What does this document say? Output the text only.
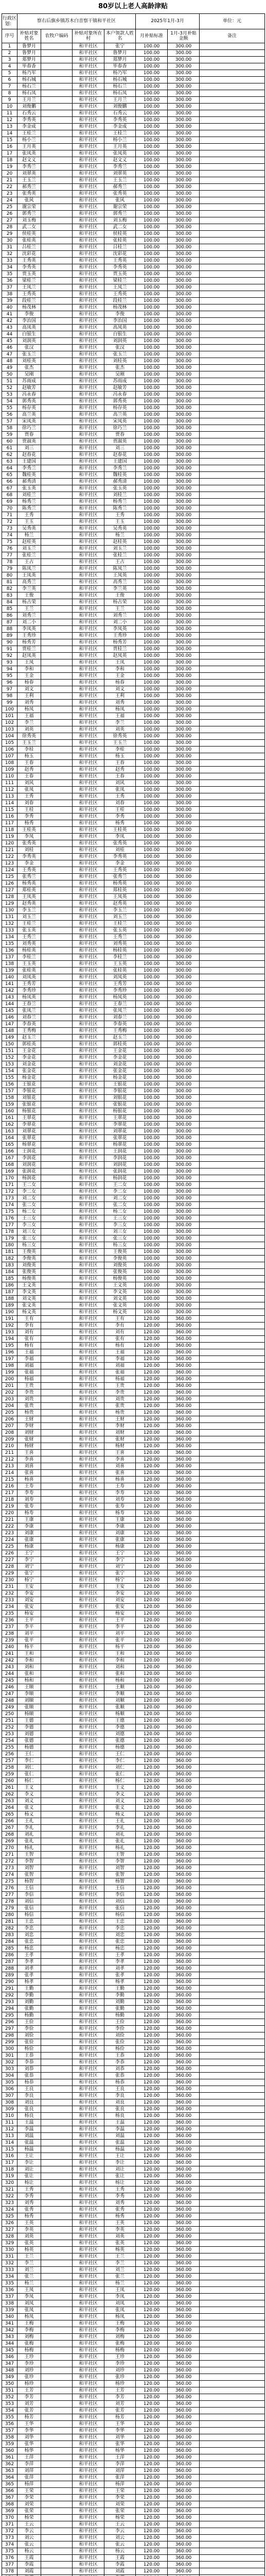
80岁以上老人高龄津贴
行政区划：	察右后旗乡镇苏木白音察干镇和平社区				2025年1月-3月		单位：元
序号	补贴对象姓名	农牧户编码	补贴对象所在村	本户领款人姓名	月补贴标准	1月-3月补贴金额	备注
1	鲁梦月		和平社区	张宁	100.00	300.00	
2	鲁梦月		和平社区	鲁梦月	100.00	300.00	
3	郑梦月		和平社区	郑梦月	100.00	300.00	
4	毕春香		和平社区	毕春香	100.00	300.00	
5	杨乃军		和平社区	杨乃军	100.00	300.00	
6	杨石城		和平社区	杨石城	100.00	300.00	
7	杨石兰		和平社区	杨石兰	100.00	300.00	
8	杨石凤		和平社区	杨石凤	100.00	300.00	
9	王月兰		和平社区	王月兰	100.00	300.00	
10	刘俊鹏		和平社区	刘俊鹏	100.00	300.00	
11	石秀云		和平社区	石秀云	100.00	300.00	
12	李秀英		和平社区	李秀英	100.00	300.00	
13	李金成		和平社区	李金成	100.00	300.00	
14	王桂兰		和平社区	王桂兰	100.00	300.00	
15	杨小兰		和平社区	杨小兰	100.00	300.00	
16	王月英		和平社区	王月英	100.00	300.00	
17	张凤英		和平社区	张凤英	100.00	300.00	
18	赵文义		和平社区	赵文义	100.00	300.00	
19	李秀兰		和平社区	李秀兰	100.00	300.00	
20	刘翠英		和平社区	刘翠英	100.00	300.00	
21	王玉兰		和平社区	王玉兰	100.00	300.00	
22	郝秀兰		和平社区	郝秀兰	100.00	300.00	
23	张秀英		和平社区	张秀英	100.00	300.00	
24	张风		和平社区	张风	100.00	300.00	
25	谢宗荣		和平社区	谢宗荣	100.00	300.00	
26	郭秀兰		和平社区	郭秀兰	100.00	300.00	
27	刘玉梅		和平社区	刘玉梅	100.00	300.00	
28	武二女		和平社区	武二女	100.00	300.00	
29	侯桂英		和平社区	侯桂英	100.00	300.00	
30	张桂英		和平社区	张桂英	100.00	300.00	
31	吕桂兰		和平社区	吕桂兰	100.00	300.00	
32	沈彩花		和平社区	沈彩花	100.00	300.00	
33	王秀英		和平社区	王秀英	100.00	300.00	
34	李秀英		和平社区	李秀英	100.00	300.00	
35	贾玉英		和平社区	贾玉英	100.00	300.00	
36	梁桂兰		和平社区	梁桂兰	100.00	300.00	
37	王凤兰		和平社区	王凤兰	100.00	300.00	
38	王秀英		和平社区	王秀英	100.00	300.00	
39	段桂兰		和平社区	段桂兰	100.00	300.00	
40	杨茂林		和平社区	杨茂林	100.00	300.00	
41	李俊		和平社区	李俊	100.00	300.00	
42	李治国		和平社区	李治国	100.00	300.00	
43	高凤英		和平社区	高凤英	100.00	300.00	
44	白银生		和平社区	白银生	100.00	300.00	
45	刘润英		和平社区	刘润英	100.00	300.00	
46	张汉		和平社区	张汉	100.00	300.00	
47	张玉兰		和平社区	张玉兰	100.00	300.00	
48	刘桂英		和平社区	刘桂英	100.00	300.00	
49	张杰		和平社区	张杰	100.00	300.00	
50	吴刚		和平社区	吴刚	100.00	300.00	
51	苏雨成		和平社区	苏雨成	100.00	300.00	
52	赵敏芳		和平社区	赵敏芳	100.00	300.00	
53	冯永春		和平社区	冯永春	100.00	300.00	
54	郭秀英		和平社区	郭秀英	100.00	300.00	
55	杨存英		和平社区	杨存英	100.00	300.00	
56	高兰英		和平社区	高兰英	100.00	300.00	
57	宋凤英		和平社区	宋凤英	100.00	300.00	
58	徐巧兰		和平社区	徐巧兰	100.00	300.00	
59	贾春		和平社区	贾春	100.00	300.00	
60	贾淑英		和平社区	贾淑英	100.00	300.00	
61	刘三		和平社区	刘三	100.00	300.00	
62	赵春花		和平社区	赵春花	100.00	300.00	
63	王建国		和平社区	王建国	100.00	300.00	
64	李秀兰		和平社区	李秀兰	100.00	300.00	
65	魏桂英		和平社区	魏桂英	100.00	300.00	
66	郝秀清		和平社区	郝秀清	100.00	300.00	
67	张玉英		和平社区	张玉英	100.00	300.00	
68	刘桂兰		和平社区	刘桂兰	100.00	300.00	
69	杨秀兰		和平社区	杨秀兰	100.00	300.00	
70	陈秀兰		和平社区	陈秀兰	100.00	300.00	
71	王秀		和平社区	王秀	100.00	300.00	
72	王玉		和平社区	王玉	100.00	300.00	
73	吴秀英		和平社区	吴秀英	100.00	300.00	
74	杨兰		和平社区	杨兰	100.00	300.00	
75	赵桂英		和平社区	赵桂英	100.00	300.00	
76	刘玉兰		和平社区	刘玉兰	100.00	300.00	
77	张桂兰		和平社区	张桂兰	100.00	300.00	
78	王占		和平社区	王占	100.00	300.00	
79	陈凤兰		和平社区	陈凤兰	100.00	300.00	
80	王凤英		和平社区	王凤英	100.00	300.00	
81	高秀兰		和平社区	高秀兰	100.00	300.00	
82	李兰英		和平社区	李兰英	100.00	300.00	
83	王俊		和平社区	王俊	100.00	300.00	
84	杨占荣		和平社区	杨占荣	100.00	300.00	
85	王兰		和平社区	王兰	100.00	300.00	
86	刘秀兰		和平社区	刘秀兰	100.00	300.00	
87	刘二小		和平社区	刘二小	100.00	300.00	
88	李凤英		和平社区	李凤英	100.00	300.00	
89	王秀珍		和平社区	王秀珍	100.00	300.00	
90	杨秀芳		和平社区	杨秀芳	100.00	300.00	
91	贾桂兰		和平社区	贾桂兰	100.00	300.00	
92	赵凤英		和平社区	赵凤英	100.00	300.00	
93	王凤		和平社区	王凤	100.00	300.00	
94	李和		和平社区	李和	100.00	300.00	
95	王金		和平社区	王金	100.00	300.00	
96	杨春		和平社区	杨春	100.00	300.00	
97	刘文		和平社区	刘文	100.00	300.00	
98	王利		和平社区	王利	100.00	300.00	
99	刘秀		和平社区	刘秀	100.00	300.00	
100	杨凤		和平社区	杨凤	100.00	300.00	
101	王福		和平社区	王福	100.00	300.00	
102	李兰		和平社区	李兰	100.00	300.00	
103	刘英		和平社区	刘英	100.00	300.00	
104	徐秀英		和平社区	徐秀英	100.00	300.00	
105	王玉兰		和平社区	王玉兰	100.00	300.00	
106	李桂		和平社区	李桂	100.00	300.00	
107	杨玉		和平社区	杨玉	100.00	300.00	
108	王春		和平社区	王春	100.00	300.00	
109	赵秀		和平社区	赵秀	100.00	300.00	
110	王春		和平社区	王春	100.00	300.00	
111	刘风		和平社区	刘风	100.00	300.00	
112	张凤		和平社区	张凤	100.00	300.00	
113	王秀		和平社区	王秀	100.00	300.00	
114	刘春		和平社区	刘春	100.00	300.00	
115	王桂		和平社区	王桂	100.00	300.00	
116	李秀		和平社区	李秀	100.00	300.00	
117	杨秀		和平社区	杨秀	100.00	300.00	
118	王桂英		和平社区	王桂英	100.00	300.00	
119	李凤		和平社区	李凤	100.00	300.00	
120	张秀英		和平社区	张秀英	100.00	300.00	
121	刘桂		和平社区	刘桂	100.00	300.00	
122	李秀英		和平社区	李秀英	100.00	300.00	
123	李金		和平社区	李金	100.00	300.00	
124	王秀英		和平社区	王秀英	100.00	300.00	
125	张秀兰		和平社区	张秀兰	100.00	300.00	
126	杨秀英		和平社区	杨秀英	100.00	300.00	
127	郑桂英		和平社区	郑桂英	100.00	300.00	
128	王凤英		和平社区	王凤英	100.00	300.00	
129	赵秀英		和平社区	赵秀英	100.00	300.00	
130	李玉兰		和平社区	李玉兰	100.00	300.00	
131	刘玉兰		和平社区	刘玉兰	100.00	300.00	
132	王桂兰		和平社区	王桂兰	100.00	300.00	
133	张玉英		和平社区	张玉英	100.00	300.00	
134	王秀兰		和平社区	王秀兰	100.00	300.00	
135	刘秀英		和平社区	刘秀英	100.00	300.00	
136	杨桂英		和平社区	杨桂英	100.00	300.00	
137	李桂兰		和平社区	李桂兰	100.00	300.00	
138	王玉英		和平社区	王玉英	100.00	300.00	
139	张桂英		和平社区	张桂英	100.00	300.00	
140	刘凤英		和平社区	刘凤英	100.00	300.00	
141	王秀芳		和平社区	王秀芳	100.00	300.00	
142	李秀珍		和平社区	李秀珍	100.00	300.00	
143	杨凤英		和平社区	杨凤英	100.00	300.00	
144	王春兰		和平社区	王春兰	100.00	300.00	
145	张凤兰		和平社区	张凤兰	100.00	300.00	
146	刘春兰		和平社区	刘春兰	100.00	300.00	
147	李春英		和平社区	李春英	100.00	300.00	
148	王秀梅		和平社区	王秀梅	100.00	300.00	
149	赵玉兰		和平社区	赵玉兰	100.00	300.00	
150	郭桂英		和平社区	郭桂英	100.00	300.00	
151	王金花		和平社区	王金花	100.00	300.00	
152	李金花		和平社区	李金花	100.00	300.00	
153	刘金花		和平社区	刘金花	100.00	300.00	
154	张金花		和平社区	张金花	100.00	300.00	
155	杨金花		和平社区	杨金花	100.00	300.00	
156	王银花		和平社区	王银花	100.00	300.00	
157	李银花		和平社区	李银花	100.00	300.00	
158	刘银花		和平社区	刘银花	100.00	300.00	
159	张银花		和平社区	张银花	100.00	300.00	
160	杨银花		和平社区	杨银花	100.00	300.00	
161	王翠花		和平社区	王翠花	100.00	300.00	
162	李翠花		和平社区	李翠花	100.00	300.00	
163	刘翠花		和平社区	刘翠花	100.00	300.00	
164	张翠花		和平社区	张翠花	100.00	300.00	
165	杨翠花		和平社区	杨翠花	100.00	300.00	
166	王润花		和平社区	王润花	100.00	300.00	
167	李润花		和平社区	李润花	100.00	300.00	
168	刘润花		和平社区	刘润花	100.00	300.00	
169	张润花		和平社区	张润花	100.00	300.00	
170	杨润花		和平社区	杨润花	100.00	300.00	
171	王二女		和平社区	王二女	100.00	300.00	
172	李二女		和平社区	李二女	100.00	300.00	
173	刘二女		和平社区	刘二女	100.00	300.00	
174	张二女		和平社区	张二女	100.00	300.00	
175	杨二女		和平社区	杨二女	100.00	300.00	
176	王三女		和平社区	王三女	100.00	300.00	
177	李三女		和平社区	李三女	100.00	300.00	
178	刘三女		和平社区	刘三女	100.00	300.00	
179	张三女		和平社区	张三女	100.00	300.00	
180	杨三女		和平社区	杨三女	100.00	300.00	
181	王俊英		和平社区	王俊英	100.00	300.00	
182	李俊英		和平社区	李俊英	100.00	300.00	
183	刘俊英		和平社区	刘俊英	100.00	300.00	
184	张俊英		和平社区	张俊英	100.00	300.00	
185	杨俊英		和平社区	杨俊英	100.00	300.00	
186	王文英		和平社区	王文英	100.00	300.00	
187	李文英		和平社区	李文英	100.00	300.00	
188	刘文英		和平社区	刘文英	100.00	300.00	
189	张文英		和平社区	张文英	100.00	300.00	
190	杨文英		和平社区	杨文英	100.00	300.00	
191	王有		和平社区	王有	120.00	360.00	
192	李有		和平社区	李有	120.00	360.00	
193	刘有		和平社区	刘有	120.00	360.00	
194	张有		和平社区	张有	120.00	360.00	
195	杨有		和平社区	杨有	120.00	360.00	
196	王福		和平社区	王福	120.00	360.00	
197	李福		和平社区	李福	120.00	360.00	
198	刘福		和平社区	刘福	120.00	360.00	
199	张福		和平社区	张福	120.00	360.00	
200	杨福		和平社区	杨福	120.00	360.00	
201	王贵		和平社区	王贵	120.00	360.00	
202	李贵		和平社区	李贵	120.00	360.00	
203	刘贵		和平社区	刘贵	120.00	360.00	
204	张贵		和平社区	张贵	120.00	360.00	
205	杨贵		和平社区	杨贵	120.00	360.00	
206	王财		和平社区	王财	120.00	360.00	
207	李财		和平社区	李财	120.00	360.00	
208	刘财		和平社区	刘财	120.00	360.00	
209	张财		和平社区	张财	120.00	360.00	
210	杨财		和平社区	杨财	120.00	360.00	
211	王喜		和平社区	王喜	120.00	360.00	
212	李喜		和平社区	李喜	120.00	360.00	
213	刘喜		和平社区	刘喜	120.00	360.00	
214	张喜		和平社区	张喜	120.00	360.00	
215	杨喜		和平社区	杨喜	120.00	360.00	
216	王寿		和平社区	王寿	120.00	360.00	
217	李寿		和平社区	李寿	120.00	360.00	
218	刘寿		和平社区	刘寿	120.00	360.00	
219	张寿		和平社区	张寿	120.00	360.00	
220	杨寿		和平社区	杨寿	120.00	360.00	
221	王康		和平社区	王康	120.00	360.00	
222	李康		和平社区	李康	120.00	360.00	
223	刘康		和平社区	刘康	120.00	360.00	
224	张康		和平社区	张康	120.00	360.00	
225	杨康		和平社区	杨康	120.00	360.00	
226	王宁		和平社区	王宁	120.00	360.00	
227	李宁		和平社区	李宁	120.00	360.00	
228	刘宁		和平社区	刘宁	120.00	360.00	
229	张宁		和平社区	张宁	120.00	360.00	
230	杨宁		和平社区	杨宁	120.00	360.00	
231	王安		和平社区	王安	120.00	360.00	
232	李安		和平社区	李安	120.00	360.00	
233	刘安		和平社区	刘安	120.00	360.00	
234	张安		和平社区	张安	120.00	360.00	
235	杨安		和平社区	杨安	120.00	360.00	
236	王平		和平社区	王平	120.00	360.00	
237	李平		和平社区	李平	120.00	360.00	
238	刘平		和平社区	刘平	120.00	360.00	
239	张平		和平社区	张平	120.00	360.00	
240	杨平		和平社区	杨平	120.00	360.00	
241	王和		和平社区	王和	120.00	360.00	
242	李和		和平社区	李和	120.00	360.00	
243	刘和		和平社区	刘和	120.00	360.00	
244	张和		和平社区	张和	120.00	360.00	
245	杨和		和平社区	杨和	120.00	360.00	
246	王顺		和平社区	王顺	120.00	360.00	
247	李顺		和平社区	李顺	120.00	360.00	
248	刘顺		和平社区	刘顺	120.00	360.00	
249	张顺		和平社区	张顺	120.00	360.00	
250	杨顺		和平社区	杨顺	120.00	360.00	
251	王德		和平社区	王德	120.00	360.00	
252	李德		和平社区	李德	120.00	360.00	
253	刘德		和平社区	刘德	120.00	360.00	
254	张德		和平社区	张德	120.00	360.00	
255	杨德		和平社区	杨德	120.00	360.00	
256	王仁		和平社区	王仁	120.00	360.00	
257	李仁		和平社区	李仁	120.00	360.00	
258	刘仁		和平社区	刘仁	120.00	360.00	
259	张仁		和平社区	张仁	120.00	360.00	
260	杨仁		和平社区	杨仁	120.00	360.00	
261	王义		和平社区	王义	120.00	360.00	
262	李义		和平社区	李义	120.00	360.00	
263	刘义		和平社区	刘义	120.00	360.00	
264	张义		和平社区	张义	120.00	360.00	
265	杨义		和平社区	杨义	120.00	360.00	
266	王礼		和平社区	王礼	120.00	360.00	
267	李礼		和平社区	李礼	120.00	360.00	
268	刘礼		和平社区	刘礼	120.00	360.00	
269	张礼		和平社区	张礼	120.00	360.00	
270	杨礼		和平社区	杨礼	120.00	360.00	
271	王智		和平社区	王智	120.00	360.00	
272	李智		和平社区	李智	120.00	360.00	
273	刘智		和平社区	刘智	120.00	360.00	
274	张智		和平社区	张智	120.00	360.00	
275	杨智		和平社区	杨智	120.00	360.00	
276	王信		和平社区	王信	120.00	360.00	
277	李信		和平社区	李信	120.00	360.00	
278	刘信		和平社区	刘信	120.00	360.00	
279	张信		和平社区	张信	120.00	360.00	
280	杨信		和平社区	杨信	120.00	360.00	
281	王忠		和平社区	王忠	120.00	360.00	
282	李忠		和平社区	李忠	120.00	360.00	
283	刘忠		和平社区	刘忠	120.00	360.00	
284	张忠		和平社区	张忠	120.00	360.00	
285	杨忠		和平社区	杨忠	120.00	360.00	
286	王孝		和平社区	王孝	120.00	360.00	
287	李孝		和平社区	李孝	120.00	360.00	
288	刘孝		和平社区	刘孝	120.00	360.00	
289	张孝		和平社区	张孝	120.00	360.00	
290	杨孝		和平社区	杨孝	120.00	360.00	
291	王勤		和平社区	王勤	120.00	360.00	
292	李勤		和平社区	李勤	120.00	360.00	
293	刘勤		和平社区	刘勤	120.00	360.00	
294	张勤		和平社区	张勤	120.00	360.00	
295	杨勤		和平社区	杨勤	120.00	360.00	
296	王俭		和平社区	王俭	120.00	360.00	
297	李俭		和平社区	李俭	120.00	360.00	
298	刘俭		和平社区	刘俭	120.00	360.00	
299	张俭		和平社区	张俭	120.00	360.00	
300	杨俭		和平社区	杨俭	120.00	360.00	
301	王恭		和平社区	王恭	120.00	360.00	
302	李恭		和平社区	李恭	120.00	360.00	
303	刘恭		和平社区	刘恭	120.00	360.00	
304	张恭		和平社区	张恭	120.00	360.00	
305	杨恭		和平社区	杨恭	120.00	360.00	
306	王良		和平社区	王良	120.00	360.00	
307	李良		和平社区	李良	120.00	360.00	
308	刘良		和平社区	刘良	120.00	360.00	
309	张良		和平社区	张良	120.00	360.00	
310	杨良		和平社区	杨良	120.00	360.00	
311	王温		和平社区	王温	120.00	360.00	
312	李温		和平社区	李温	120.00	360.00	
313	刘温		和平社区	刘温	120.00	360.00	
314	张温		和平社区	张温	120.00	360.00	
315	杨温		和平社区	杨温	120.00	360.00	
316	王让		和平社区	王让	120.00	360.00	
317	李让		和平社区	李让	120.00	360.00	
318	刘让		和平社区	刘让	120.00	360.00	
319	张让		和平社区	张让	120.00	360.00	
320	杨让		和平社区	杨让	120.00	360.00	
321	王秀		和平社区	王秀	120.00	360.00	
322	李秀		和平社区	李秀	120.00	360.00	
323	刘秀		和平社区	刘秀	120.00	360.00	
324	张秀		和平社区	张秀	120.00	360.00	
325	杨秀		和平社区	杨秀	120.00	360.00	
326	王英		和平社区	王英	120.00	360.00	
327	李英		和平社区	李英	120.00	360.00	
328	刘英		和平社区	刘英	120.00	360.00	
329	张英		和平社区	张英	120.00	360.00	
330	杨英		和平社区	杨英	120.00	360.00	
331	王兰		和平社区	王兰	120.00	360.00	
332	李兰		和平社区	李兰	120.00	360.00	
333	刘兰		和平社区	刘兰	120.00	360.00	
334	张兰		和平社区	张兰	120.00	360.00	
335	杨兰		和平社区	杨兰	120.00	360.00	
336	王凤		和平社区	王凤	120.00	360.00	
337	李凤		和平社区	李凤	120.00	360.00	
338	刘凤		和平社区	刘凤	120.00	360.00	
339	张凤		和平社区	张凤	120.00	360.00	
340	杨凤		和平社区	杨凤	120.00	360.00	
341	王梅		和平社区	王梅	120.00	360.00	
342	李梅		和平社区	李梅	120.00	360.00	
343	刘梅		和平社区	刘梅	120.00	360.00	
344	张梅		和平社区	张梅	120.00	360.00	
345	杨梅		和平社区	杨梅	120.00	360.00	
346	王珍		和平社区	王珍	120.00	360.00	
347	李珍		和平社区	李珍	120.00	360.00	
348	刘珍		和平社区	刘珍	120.00	360.00	
349	张珍		和平社区	张珍	120.00	360.00	
350	杨珍		和平社区	杨珍	120.00	360.00	
351	王芳		和平社区	王芳	120.00	360.00	
352	李芳		和平社区	李芳	120.00	360.00	
353	刘芳		和平社区	刘芳	120.00	360.00	
354	张芳		和平社区	张芳	120.00	360.00	
355	杨芳		和平社区	杨芳	120.00	360.00	
356	王华		和平社区	王华	120.00	360.00	
357	李华		和平社区	李华	120.00	360.00	
358	刘华		和平社区	刘华	120.00	360.00	
359	张华		和平社区	张华	120.00	360.00	
360	杨华		和平社区	杨华	120.00	360.00	
361	王萍		和平社区	王萍	120.00	360.00	
362	李萍		和平社区	李萍	120.00	360.00	
363	刘萍		和平社区	刘萍	120.00	360.00	
364	张萍		和平社区	张萍	120.00	360.00	
365	杨萍		和平社区	杨萍	120.00	360.00	
366	王荣		和平社区	王荣	120.00	360.00	
367	李荣		和平社区	李荣	120.00	360.00	
368	刘荣		和平社区	刘荣	120.00	360.00	
369	张荣		和平社区	张荣	120.00	360.00	
370	杨荣		和平社区	杨荣	120.00	360.00	
371	王云		和平社区	王云	120.00	360.00	
372	李云		和平社区	李云	120.00	360.00	
373	刘云		和平社区	刘云	120.00	360.00	
374	张云		和平社区	张云	120.00	360.00	
375	杨云		和平社区	杨云	120.00	360.00	
376	王霞		和平社区	王霞	120.00	360.00	
377	李霞		和平社区	李霞	120.00	360.00	
378	刘霞		和平社区	刘霞	120.00	360.00	
